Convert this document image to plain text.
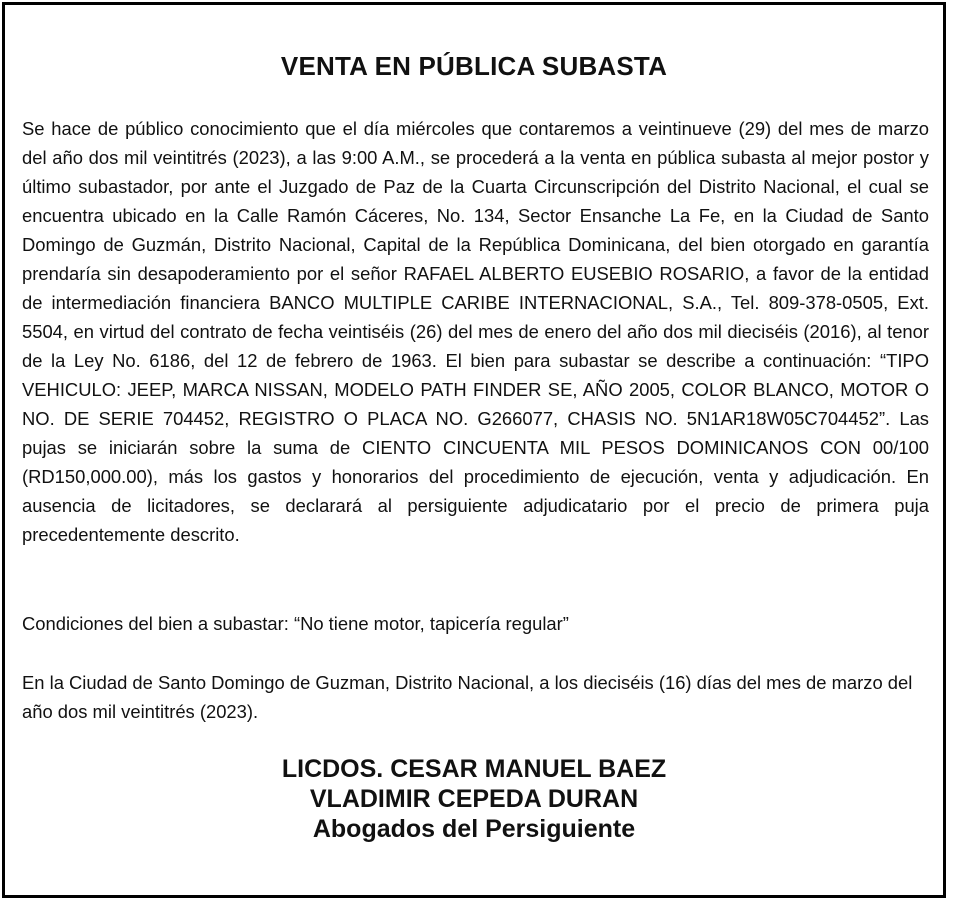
VENTA EN PÚBLICA SUBASTA

Se hace de público conocimiento que el día miércoles que contaremos a veintinueve (29) del mes de marzo del año dos mil veintitrés (2023), a las 9:00 A.M., se procederá a la venta en pública subasta al mejor postor y último subastador, por ante el Juzgado de Paz de la Cuarta Circunscripción del Distrito Nacional, el cual se encuentra ubicado en la Calle Ramón Cáceres, No. 134, Sector Ensanche La Fe, en la Ciudad de Santo Domingo de Guzmán, Distrito Nacional, Capital de la República Dominicana, del bien otorgado en garantía prendaría sin desapoderamiento por el señor RAFAEL ALBERTO EUSEBIO ROSARIO, a favor de la entidad de intermediación financiera BANCO MULTIPLE CARIBE INTERNACIONAL, S.A., Tel. 809-378-0505, Ext. 5504, en virtud del contrato de fecha veintiséis (26) del mes de enero del año dos mil dieciséis (2016), al tenor de la Ley No. 6186, del 12 de febrero de 1963. El bien para subastar se describe a continuación: “TIPO VEHICULO: JEEP, MARCA NISSAN, MODELO PATH FINDER SE, AÑO 2005, COLOR BLANCO, MOTOR O NO. DE SERIE 704452, REGISTRO O PLACA NO. G266077, CHASIS NO. 5N1AR18W05C704452”. Las pujas se iniciarán sobre la suma de CIENTO CINCUENTA MIL PESOS DOMINICANOS CON 00/100 (RD150,000.00), más los gastos y honorarios del procedimiento de ejecución, venta y adjudicación. En ausencia de licitadores, se declarará al persiguiente adjudicatario por el precio de primera puja precedentemente descrito.

Condiciones del bien a subastar: “No tiene motor, tapicería regular”

En la Ciudad de Santo Domingo de Guzman, Distrito Nacional, a los dieciséis (16) días del mes de marzo del año dos mil veintitrés (2023).

LICDOS. CESAR MANUEL BAEZ
VLADIMIR CEPEDA DURAN
Abogados del Persiguiente
